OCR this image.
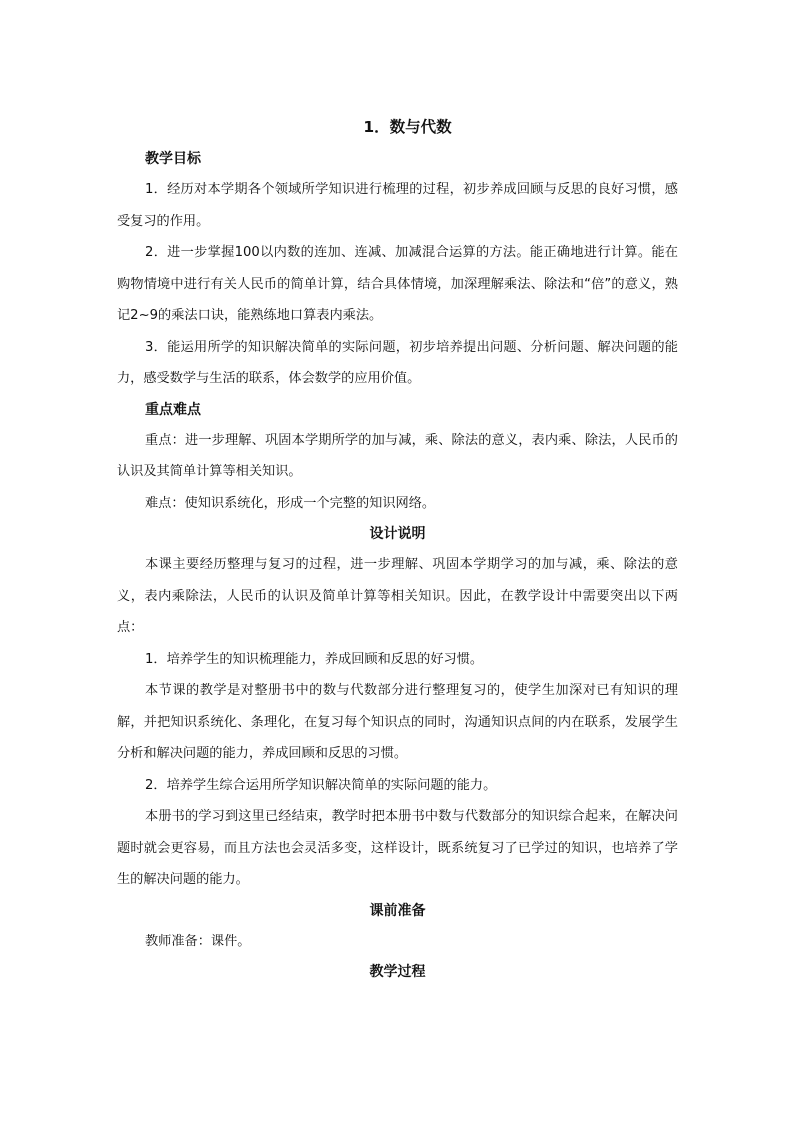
1．数与代数

教学目标

1．经历对本学期各个领域所学知识进行梳理的过程，初步养成回顾与反思的良好习惯，感受复习的作用。

2．进一步掌握100以内数的连加、连减、加减混合运算的方法。能正确地进行计算。能在购物情境中进行有关人民币的简单计算，结合具体情境，加深理解乘法、除法和“倍”的意义，熟记2~9的乘法口诀，能熟练地口算表内乘法。

3．能运用所学的知识解决简单的实际问题，初步培养提出问题、分析问题、解决问题的能力，感受数学与生活的联系，体会数学的应用价值。

重点难点

重点：进一步理解、巩固本学期所学的加与减，乘、除法的意义，表内乘、除法，人民币的认识及其简单计算等相关知识。

难点：使知识系统化，形成一个完整的知识网络。

设计说明

本课主要经历整理与复习的过程，进一步理解、巩固本学期学习的加与减，乘、除法的意义，表内乘除法，人民币的认识及简单计算等相关知识。因此，在教学设计中需要突出以下两点：

1．培养学生的知识梳理能力，养成回顾和反思的好习惯。

本节课的教学是对整册书中的数与代数部分进行整理复习的，使学生加深对已有知识的理解，并把知识系统化、条理化，在复习每个知识点的同时，沟通知识点间的内在联系，发展学生分析和解决问题的能力，养成回顾和反思的习惯。

2．培养学生综合运用所学知识解决简单的实际问题的能力。

本册书的学习到这里已经结束，教学时把本册书中数与代数部分的知识综合起来，在解决问题时就会更容易，而且方法也会灵活多变，这样设计，既系统复习了已学过的知识，也培养了学生的解决问题的能力。

课前准备

教师准备：课件。

教学过程
